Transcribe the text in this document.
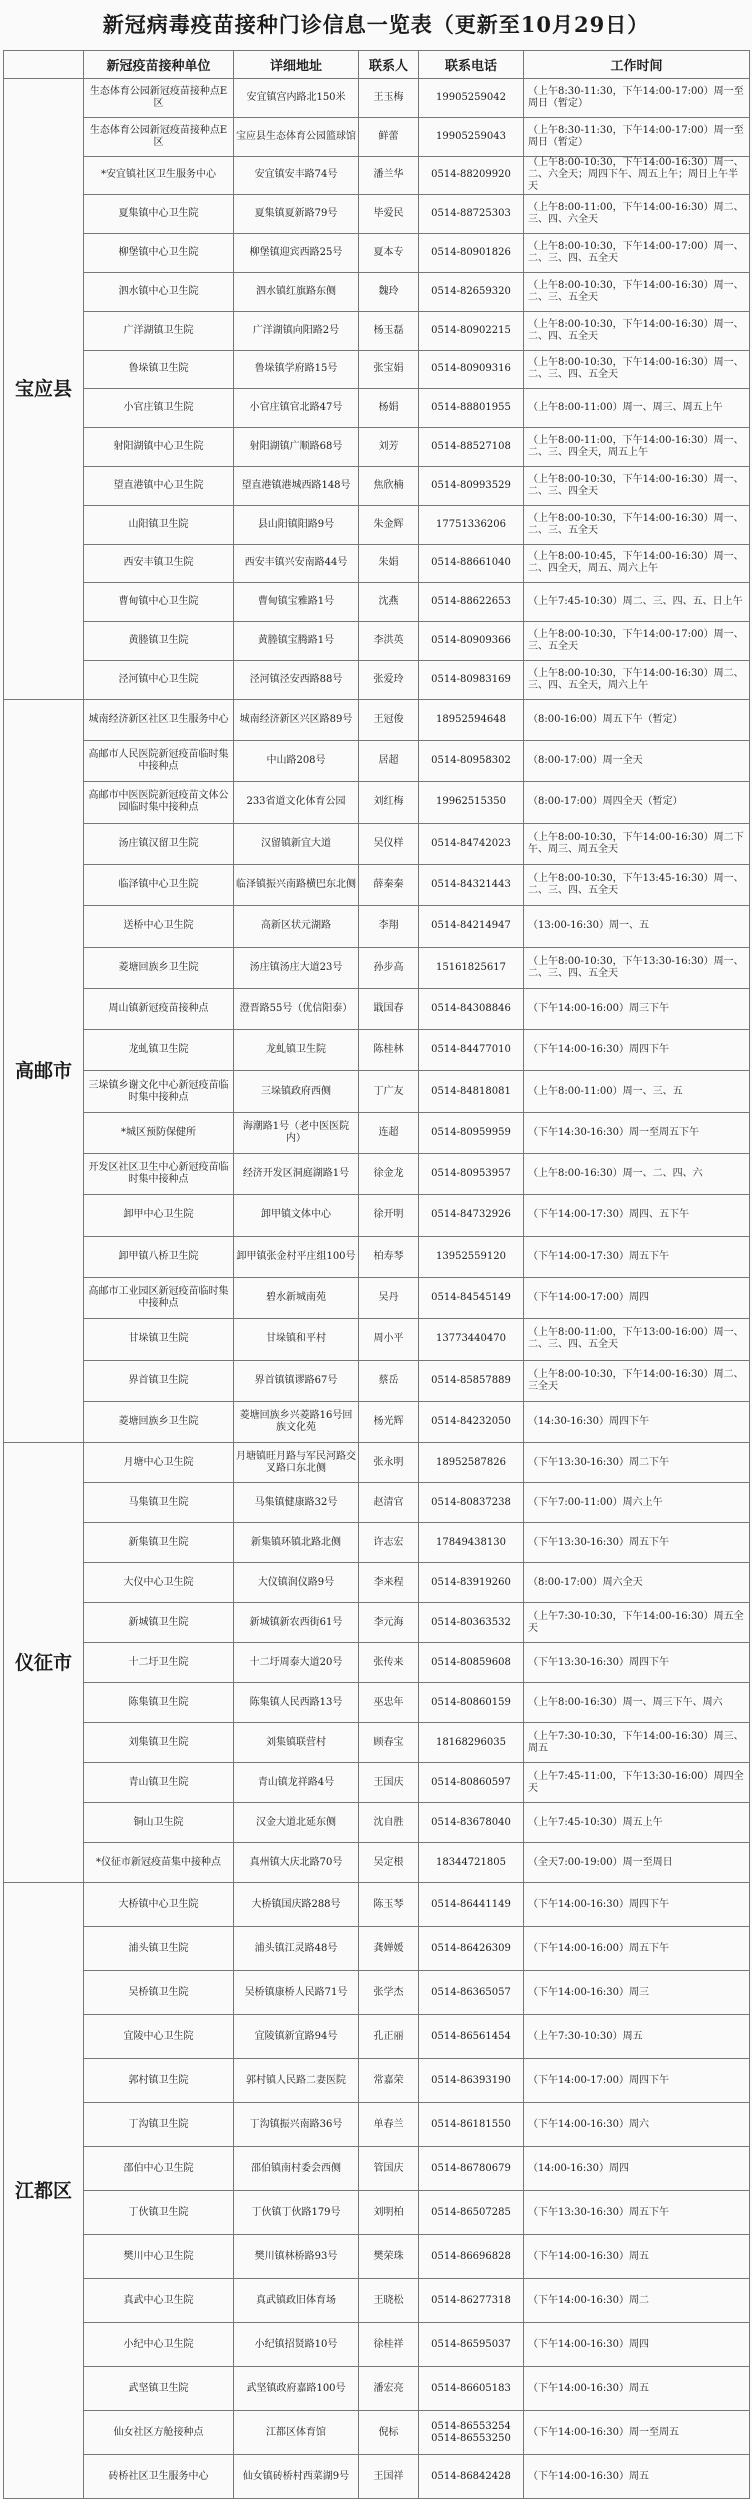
新冠病毒疫苗接种门诊信息一览表（更新至10月29日）
	新冠疫苗接种单位	详细地址	联系人	联系电话	工作时间
宝应县	生态体育公园新冠疫苗接种点E区	安宜镇宫内路北150米	王玉梅	19905259042	（上午8:30-11:30，下午14:00-17:00）周一至周日（暂定）
	生态体育公园新冠疫苗接种点E区	宝应县生态体育公园篮球馆	鲜蕾	19905259043	（上午8:30-11:30，下午14:00-17:00）周一至周日（暂定）
	*安宜镇社区卫生服务中心	安宜镇安丰路74号	潘兰华	0514-88209920	（上午8:00-10:30，下午14:00-16:30）周一、二、六全天；周四下午、周五上午；周日上午半天
	夏集镇中心卫生院	夏集镇夏新路79号	毕爱民	0514-88725303	（上午8:00-11:00，下午14:00-16:30）周二、三、四、六全天
	柳堡镇中心卫生院	柳堡镇迎宾西路25号	夏本专	0514-80901826	（上午8:00-10:30，下午14:00-17:00）周一、二、三、四、五全天
	泗水镇中心卫生院	泗水镇红旗路东侧	魏玲	0514-82659320	（上午8:00-10:30，下午14:00-16:30）周一、二、三、五全天
	广洋湖镇卫生院	广洋湖镇向阳路2号	杨玉磊	0514-80902215	（上午8:00-10:30，下午14:00-16:30）周一、二、四、五全天
	鲁垛镇卫生院	鲁垛镇学府路15号	张宝娟	0514-80909316	（上午8:00-10:30，下午14:00-16:30）周一、二、三、四、五全天
	小官庄镇卫生院	小官庄镇官北路47号	杨娟	0514-88801955	（上午8:00-11:00）周一、周三、周五上午
	射阳湖镇中心卫生院	射阳湖镇广顺路68号	刘芳	0514-88527108	（上午8:00-11:00，下午14:00-16:30）周一、二、三、四全天，周五上午
	望直港镇中心卫生院	望直港镇港城西路148号	焦欣楠	0514-80993529	（上午8:00-10:30，下午14:00-16:30）周一、二、三、四全天
	山阳镇卫生院	县山阳镇阳路9号	朱金辉	17751336206	（上午8:00-10:30，下午14:00-16:30）周一、二、三、五全天
	西安丰镇卫生院	西安丰镇兴安南路44号	朱娟	0514-88661040	（上午8:00-10:45，下午14:00-16:30）周一、二、四全天，周五、周六上午
	曹甸镇中心卫生院	曹甸镇宝雅路1号	沈燕	0514-88622653	（上午7:45-10:30）周二、三、四、五、日上午
	黄塍镇卫生院	黄塍镇宝腾路1号	李洪英	0514-80909366	（上午8:00-10:30，下午14:00-17:00）周一、三、五全天
	泾河镇中心卫生院	泾河镇泾安西路88号	张爱玲	0514-80983169	（上午8:00-10:30，下午14:00-16:30）周二、三、四、五全天，周六上午
高邮市	城南经济新区社区卫生服务中心	城南经济新区兴区路89号	王冠俊	18952594648	（8:00-16:00）周五下午（暂定）
	高邮市人民医院新冠疫苗临时集中接种点	中山路208号	居超	0514-80958302	（8:00-17:00）周一全天
	高邮市中医医院新冠疫苗文体公园临时集中接种点	233省道文化体育公园	刘红梅	19962515350	（8:00-17:00）周四全天（暂定）
	汤庄镇汉留卫生院	汉留镇新宜大道	吴仪样	0514-84742023	（上午8:00-10:30，下午14:00-16:30）周二下午、周三、周五全天
	临泽镇中心卫生院	临泽镇振兴南路横巴东北侧	薛秦秦	0514-84321443	（上午8:00-10:30，下午13:45-16:30）周一、二、三、四、五全天
	送桥中心卫生院	高新区状元湖路	李翔	0514-84214947	（13:00-16:30）周一、五
	菱塘回族乡卫生院	汤庄镇汤庄大道23号	孙步高	15161825617	（上午8:00-10:30，下午13:30-16:30）周一、二、三、四、五全天
	周山镇新冠疫苗接种点	澄晋路55号（优信阳泰）	戢国春	0514-84308846	（下午14:00-16:00）周三下午
	龙虬镇卫生院	龙虬镇卫生院	陈桂林	0514-84477010	（下午14:00-16:30）周四下午
	三垛镇乡谢文化中心新冠疫苗临时集中接种点	三垛镇政府西侧	丁广友	0514-84818081	（上午8:00-11:00）周一、三、五
	*城区预防保健所	海潮路1号（老中医医院内）	连超	0514-80959959	（下午14:30-16:30）周一至周五下午
	开发区社区卫生中心新冠疫苗临时集中接种点	经济开发区洞庭湖路1号	徐金龙	0514-80953957	（上午8:00-16:30）周一、二、四、六
	卸甲中心卫生院	卸甲镇文体中心	徐开明	0514-84732926	（下午14:00-17:30）周四、五下午
	卸甲镇八桥卫生院	卸甲镇张金村平庄组100号	柏寿琴	13952559120	（下午14:00-17:30）周五下午
	高邮市工业园区新冠疫苗临时集中接种点	碧水新城南苑	吴丹	0514-84545149	（下午14:00-17:00）周四
	甘垛镇卫生院	甘垛镇和平村	周小平	13773440470	（上午8:00-11:00，下午13:00-16:00）周一、二、三、四、五全天
	界首镇卫生院	界首镇镇谬路67号	蔡岳	0514-85857889	（上午8:00-10:30，下午14:00-16:30）周二、三全天
	菱塘回族乡卫生院	菱塘回族乡兴菱路16号回族文化苑	杨光辉	0514-84232050	（14:30-16:30）周四下午
仪征市	月塘中心卫生院	月塘镇旺月路与军民河路交叉路口东北侧	张永明	18952587826	（下午13:30-16:30）周二下午
	马集镇卫生院	马集镇健康路32号	赵清官	0514-80837238	（下午7:00-11:00）周六上午
	新集镇卫生院	新集镇环镇北路北侧	许志宏	17849438130	（下午13:30-16:30）周五下午
	大仪中心卫生院	大仪镇润仪路9号	李来程	0514-83919260	（8:00-17:00）周六全天
	新城镇卫生院	新城镇新农西街61号	李元海	0514-80363532	（上午7:30-10:30，下午14:00-16:30）周五全天
	十二圩卫生院	十二圩周泰大道20号	张传来	0514-80859608	（下午13:30-16:30）周四下午
	陈集镇卫生院	陈集镇人民西路13号	巫忠年	0514-80860159	（上午8:00-16:30）周一、周三下午、周六
	刘集镇卫生院	刘集镇联营村	顾春宝	18168296035	（上午7:30-10:30，下午14:00-16:30）周三、周五
	青山镇卫生院	青山镇龙祥路4号	王国庆	0514-80860597	（上午7:45-11:00，下午13:30-16:00）周四全天
	铜山卫生院	汉金大道北延东侧	沈自胜	0514-83678040	（上午7:45-10:30）周五上午
	*仪征市新冠疫苗集中接种点	真州镇大庆北路70号	吴定根	18344721805	（全天7:00-19:00）周一至周日
江都区	大桥镇中心卫生院	大桥镇国庆路288号	陈玉琴	0514-86441149	（下午14:00-16:30）周四下午
	浦头镇卫生院	浦头镇江灵路48号	龚婵媛	0514-86426309	（下午14:00-16:00）周五下午
	吴桥镇卫生院	吴桥镇康桥人民路71号	张学杰	0514-86365057	（下午14:00-16:30）周三
	宜陵中心卫生院	宜陵镇新宜路94号	孔正丽	0514-86561454	（上午7:30-10:30）周五
	郭村镇卫生院	郭村镇人民路二妻医院	常嘉荣	0514-86393190	（下午14:00-17:00）周四下午
	丁沟镇卫生院	丁沟镇振兴南路36号	单春兰	0514-86181550	（下午14:00-16:30）周六
	邵伯中心卫生院	邵伯镇南村委会西侧	管国庆	0514-86780679	（14:00-16:30）周四
	丁伙镇卫生院	丁伙镇丁伙路179号	刘明柏	0514-86507285	（下午13:30-16:30）周五下午
	樊川中心卫生院	樊川镇林桥路93号	樊荣珠	0514-86696828	（下午14:00-16:30）周五
	真武中心卫生院	真武镇政旧体育场	王晓松	0514-86277318	（下午14:00-16:30）周二
	小纪中心卫生院	小纪镇招贤路10号	徐桂祥	0514-86595037	（下午14:00-16:30）周四
	武坚镇卫生院	武坚镇政府嘉路100号	潘宏亮	0514-86605183	（下午14:00-16:30）周五
	仙女社区方舱接种点	江都区体育馆	倪标	0514-86553254 0514-86553250	（下午14:00-16:30）周一至周五
	砖桥社区卫生服务中心	仙女镇砖桥村西菜湖9号	王国祥	0514-86842428	（下午14:00-16:30）周五
